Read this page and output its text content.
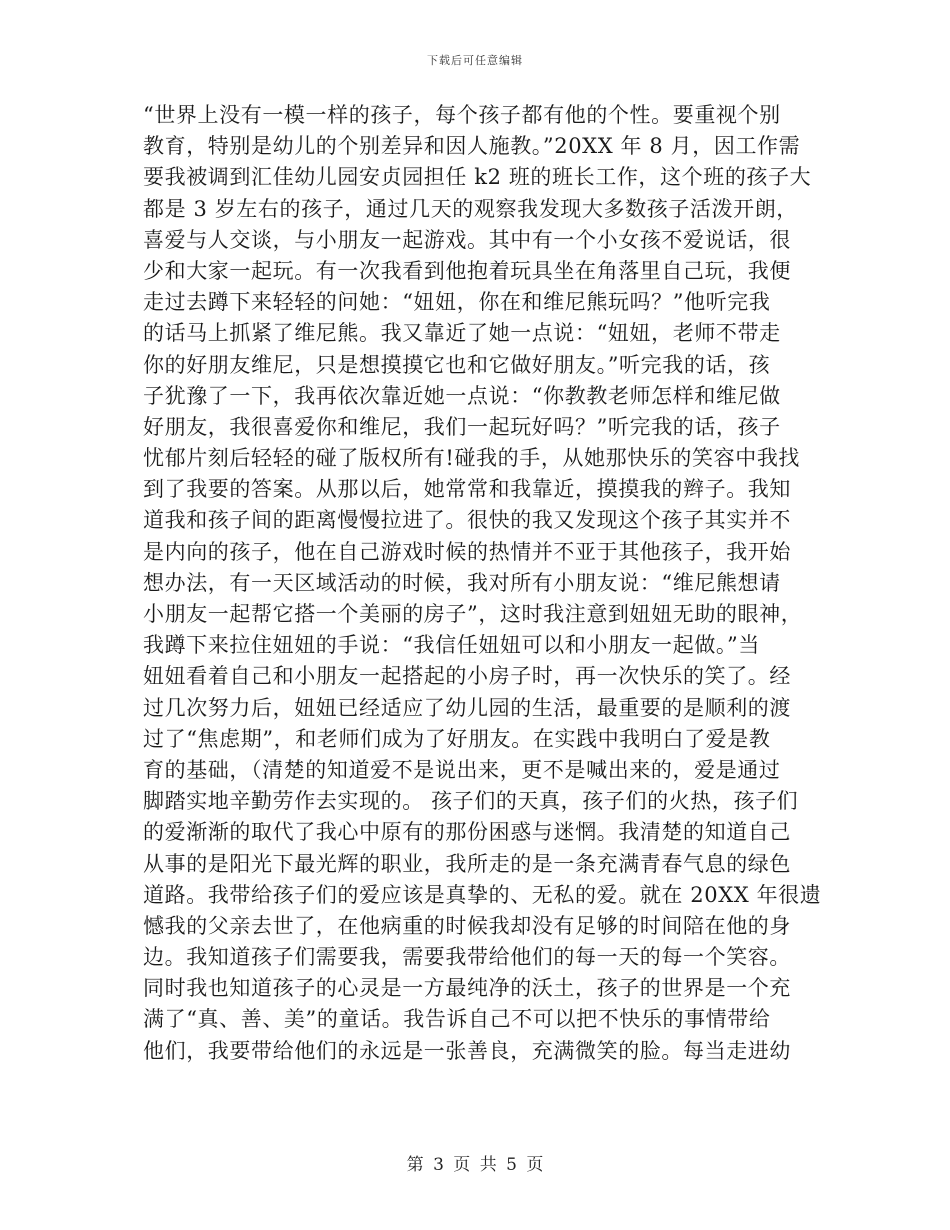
下载后可任意编辑
“世界上没有一模一样的孩子，每个孩子都有他的个性。要重视个别
教育，特别是幼儿的个别差异和因人施教。”20XX 年 8 月，因工作需
要我被调到汇佳幼儿园安贞园担任 k2 班的班长工作，这个班的孩子大
都是 3 岁左右的孩子，通过几天的观察我发现大多数孩子活泼开朗，
喜爱与人交谈，与小朋友一起游戏。其中有一个小女孩不爱说话，很
少和大家一起玩。有一次我看到他抱着玩具坐在角落里自己玩，我便
走过去蹲下来轻轻的问她：“妞妞，你在和维尼熊玩吗？”他听完我
的话马上抓紧了维尼熊。我又靠近了她一点说：“妞妞，老师不带走
你的好朋友维尼，只是想摸摸它也和它做好朋友。”听完我的话，孩
子犹豫了一下，我再依次靠近她一点说：“你教教老师怎样和维尼做
好朋友，我很喜爱你和维尼，我们一起玩好吗？”听完我的话，孩子
忧郁片刻后轻轻的碰了版权所有!碰我的手，从她那快乐的笑容中我找
到了我要的答案。从那以后，她常常和我靠近，摸摸我的辫子。我知
道我和孩子间的距离慢慢拉进了。很快的我又发现这个孩子其实并不
是内向的孩子，他在自己游戏时候的热情并不亚于其他孩子，我开始
想办法，有一天区域活动的时候，我对所有小朋友说：“维尼熊想请
小朋友一起帮它搭一个美丽的房子”，这时我注意到妞妞无助的眼神，
我蹲下来拉住妞妞的手说：“我信任妞妞可以和小朋友一起做。”当
妞妞看着自己和小朋友一起搭起的小房子时，再一次快乐的笑了。经
过几次努力后，妞妞已经适应了幼儿园的生活，最重要的是顺利的渡
过了“焦虑期”，和老师们成为了好朋友。在实践中我明白了爱是教
育的基础，（清楚的知道爱不是说出来，更不是喊出来的，爱是通过
脚踏实地辛勤劳作去实现的。 孩子们的天真，孩子们的火热，孩子们
的爱渐渐的取代了我心中原有的那份困惑与迷惘。我清楚的知道自己
从事的是阳光下最光辉的职业，我所走的是一条充满青春气息的绿色
道路。我带给孩子们的爱应该是真挚的、无私的爱。就在 20XX 年很遗
憾我的父亲去世了，在他病重的时候我却没有足够的时间陪在他的身
边。我知道孩子们需要我，需要我带给他们的每一天的每一个笑容。
同时我也知道孩子的心灵是一方最纯净的沃土，孩子的世界是一个充
满了“真、善、美”的童话。我告诉自己不可以把不快乐的事情带给
他们，我要带给他们的永远是一张善良，充满微笑的脸。每当走进幼
第 3 页 共 5 页
